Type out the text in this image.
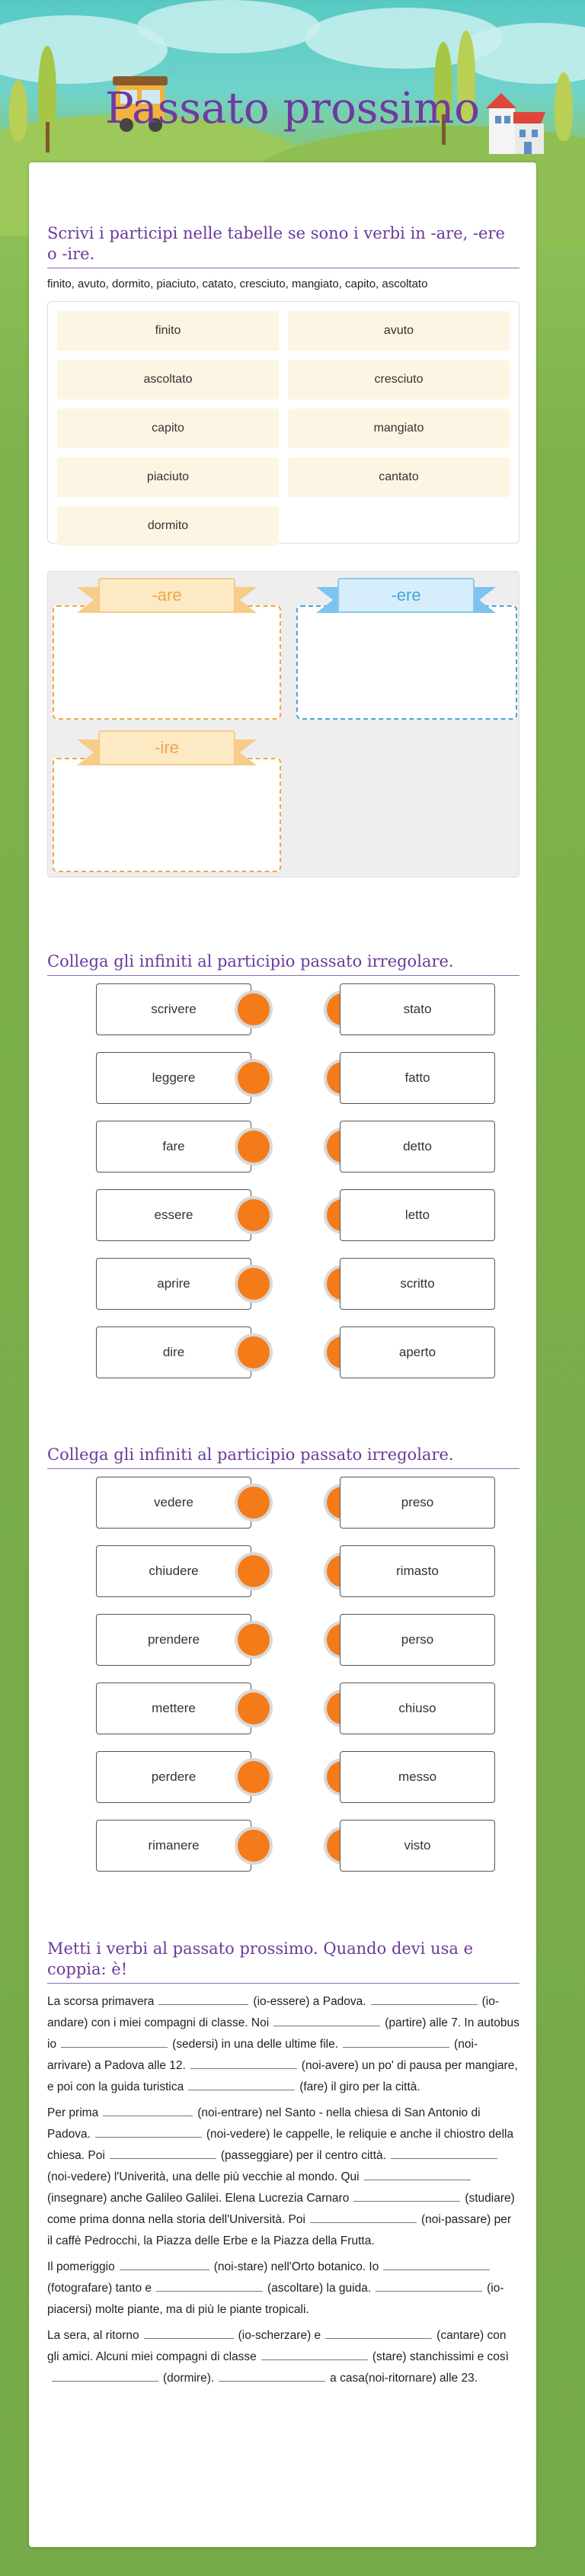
Passato prossimo
Scrivi i participi nelle tabelle se sono i verbi in -are, -ere o -ire.
finito, avuto, dormito, piaciuto, catato, cresciuto, mangiato, capito, ascoltato
finito	avuto
ascoltato	cresciuto
capito	mangiato
piaciuto	cantato
dormito
-are	-ere
-ire
Collega gli infiniti al participio passato irregolare.
scrivere	stato
leggere	fatto
fare	detto
essere	letto
aprire	scritto
dire	aperto
Collega gli infiniti al participio passato irregolare.
vedere	preso
chiudere	rimasto
prendere	perso
mettere	chiuso
perdere	messo
rimanere	visto
Metti i verbi al passato prossimo. Quando devi usa e coppia: è!

La scorsa primavera	(io-essere) a Padova.	(io-andare) con i miei compagni di classe. Noi	(partire) alle 7. In autobus io	(sedersi) in una delle ultime file.	(noi-arrivare) a Padova alle 12.	(noi-avere) un po' di pausa per mangiare, e poi con la guida turistica	(fare) il giro per la città.

Per prima	(noi-entrare) nel Santo - nella chiesa di San Antonio di Padova.	(noi-vedere) le cappelle, le reliquie e anche il chiostro della chiesa. Poi	(passeggiare) per il centro città.(noi-vedere) l'Univerità, una delle più vecchie al mondo. Qui(insegnare) anche Galileo Galilei. Elena Lucrezia Carnaro	(studiare) come prima donna nella storia dell'Università. Poi	(noi-passare) per il caffè Pedrocchi, la Piazza delle Erbe e la Piazza della Frutta.

Il pomeriggio	(noi-stare) nell'Orto botanico. Io(fotografare) tanto e	(ascoltare) la guida.	(io-piacersi) molte piante, ma di più le piante tropicali.

La sera, al ritorno	(io-scherzare) e	(cantare) con gli amici. Alcuni miei compagni di classe	(stare) stanchissimi e così(dormire).	a casa(noi-ritornare) alle 23.
